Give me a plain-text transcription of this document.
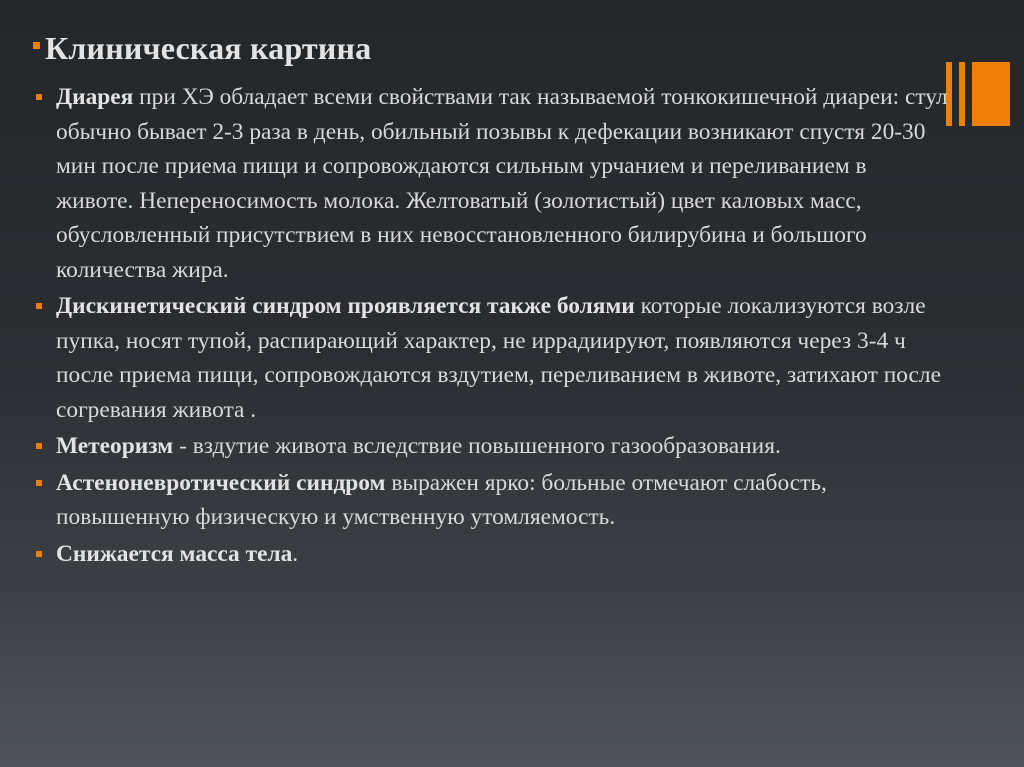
Клиническая картина
Диарея при ХЭ обладает всеми свойствами так называемой тонкокишечной диареи: стул обычно бывает 2-3 раза в день, обильный позывы к дефекации возникают спустя 20-30 мин после приема пищи и сопровождаются сильным урчанием и переливанием в животе. Непереносимость молока. Желтоватый (золотистый) цвет каловых масс, обусловленный присутствием в них невосстановленного билирубина и большого количества жира.
Дискинетический синдром проявляется также болями которые локализуются возле пупка, носят тупой, распирающий характер, не иррадиируют, появляются через 3-4 ч после приема пищи, сопровождаются вздутием, переливанием в животе, затихают после согревания живота .
Метеоризм - вздутие живота вследствие повышенного газообразования.
Астеноневротический синдром выражен ярко: больные отмечают слабость, повышенную физическую и умственную утомляемость.
Снижается масса тела.
